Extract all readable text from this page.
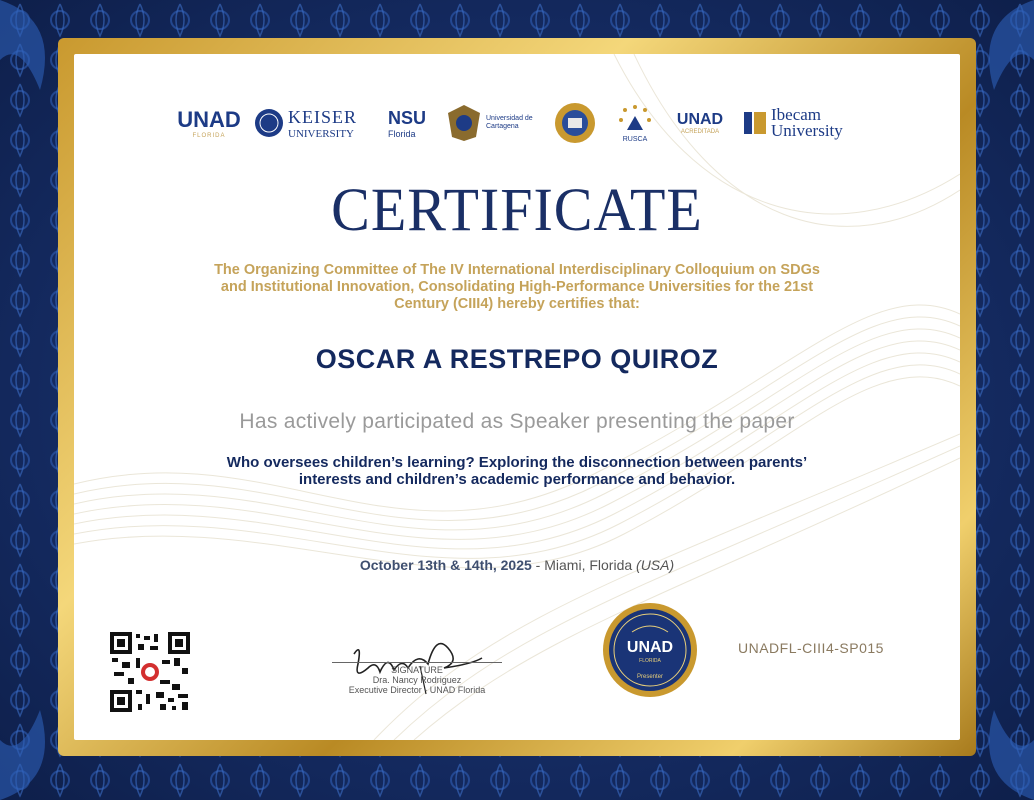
UNAD
FLORIDA
KEISER
UNIVERSITY
NSU
Florida
Universidad de Cartagena
RUSCA
UNAD
ACREDITADA
Ibecam
University
CERTIFICATE
The Organizing Committee of The IV International Interdisciplinary Colloquium on SDGs and Institutional Innovation, Consolidating High-Performance Universities for the 21st Century (CIII4) hereby certifies that:
OSCAR A RESTREPO QUIROZ
Has actively participated as Speaker presenting the paper
Who oversees children’s learning? Exploring the disconnection between parents’ interests and children’s academic performance and behavior.
October 13th & 14th, 2025 - Miami, Florida (USA)
SIGNATURE
Dra. Nancy Rodriguez
Executive Director - UNAD Florida
UNAD
FLORIDA
Presenter
UNADFL-CIII4-SP015
